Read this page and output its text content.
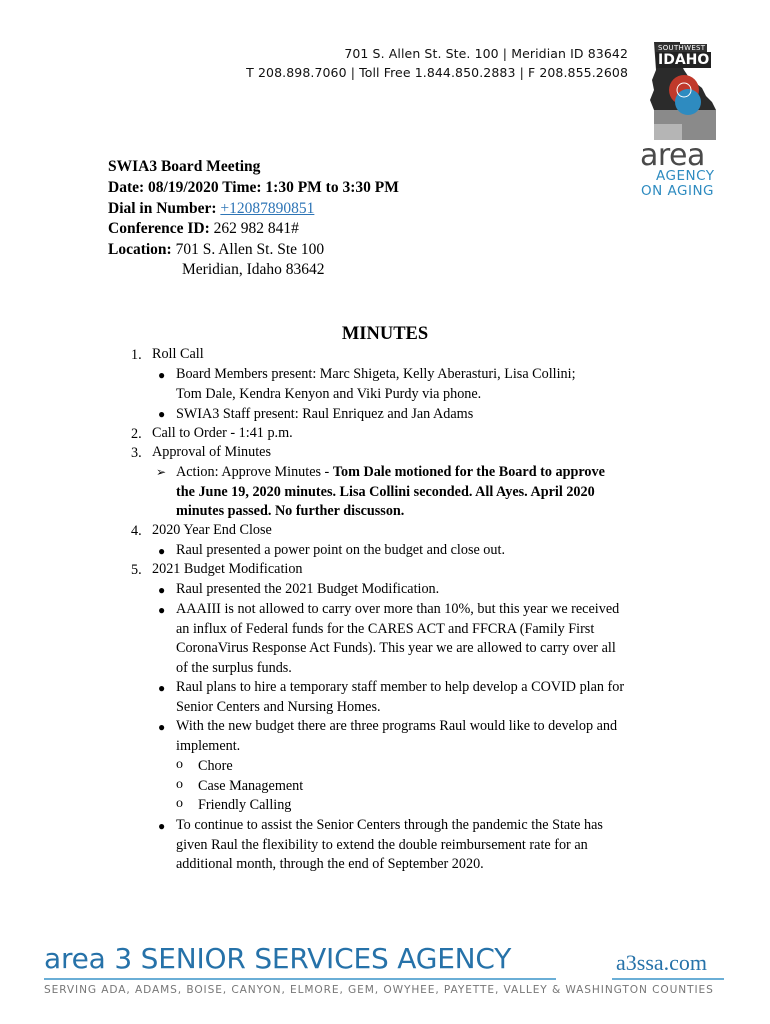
701 S. Allen St. Ste. 100 | Meridian ID 83642
T 208.898.7060 | Toll Free 1.844.850.2883 | F 208.855.2608
SOUTHWEST
IDAHO
area
AGENCY
ON AGING
SWIA3 Board Meeting
Date: 08/19/2020 Time: 1:30 PM to 3:30 PM
Dial in Number: +12087890851
Conference ID: 262 982 841#
Location: 701 S. Allen St. Ste 100
Meridian, Idaho 83642
MINUTES
1. Roll Call
● Board Members present: Marc Shigeta, Kelly Aberasturi, Lisa Collini;
Tom Dale, Kendra Kenyon and Viki Purdy via phone.
● SWIA3 Staff present: Raul Enriquez and Jan Adams
2. Call to Order - 1:41 p.m.
3. Approval of Minutes
➢ Action: Approve Minutes - Tom Dale motioned for the Board to approve
the June 19, 2020 minutes. Lisa Collini seconded. All Ayes. April 2020
minutes passed. No further discusson.
4. 2020 Year End Close
● Raul presented a power point on the budget and close out.
5. 2021 Budget Modification
● Raul presented the 2021 Budget Modification.
● AAAIII is not allowed to carry over more than 10%, but this year we received
an influx of Federal funds for the CARES ACT and FFCRA (Family First
CoronaVirus Response Act Funds). This year we are allowed to carry over all
of the surplus funds.
● Raul plans to hire a temporary staff member to help develop a COVID plan for
Senior Centers and Nursing Homes.
● With the new budget there are three programs Raul would like to develop and
implement.
o Chore
o Case Management
o Friendly Calling
● To continue to assist the Senior Centers through the pandemic the State has
given Raul the flexibility to extend the double reimbursement rate for an
additional month, through the end of September 2020.
area 3 SENIOR SERVICES AGENCY	a3ssa.com
SERVING ADA, ADAMS, BOISE, CANYON, ELMORE, GEM, OWYHEE, PAYETTE, VALLEY & WASHINGTON COUNTIES
